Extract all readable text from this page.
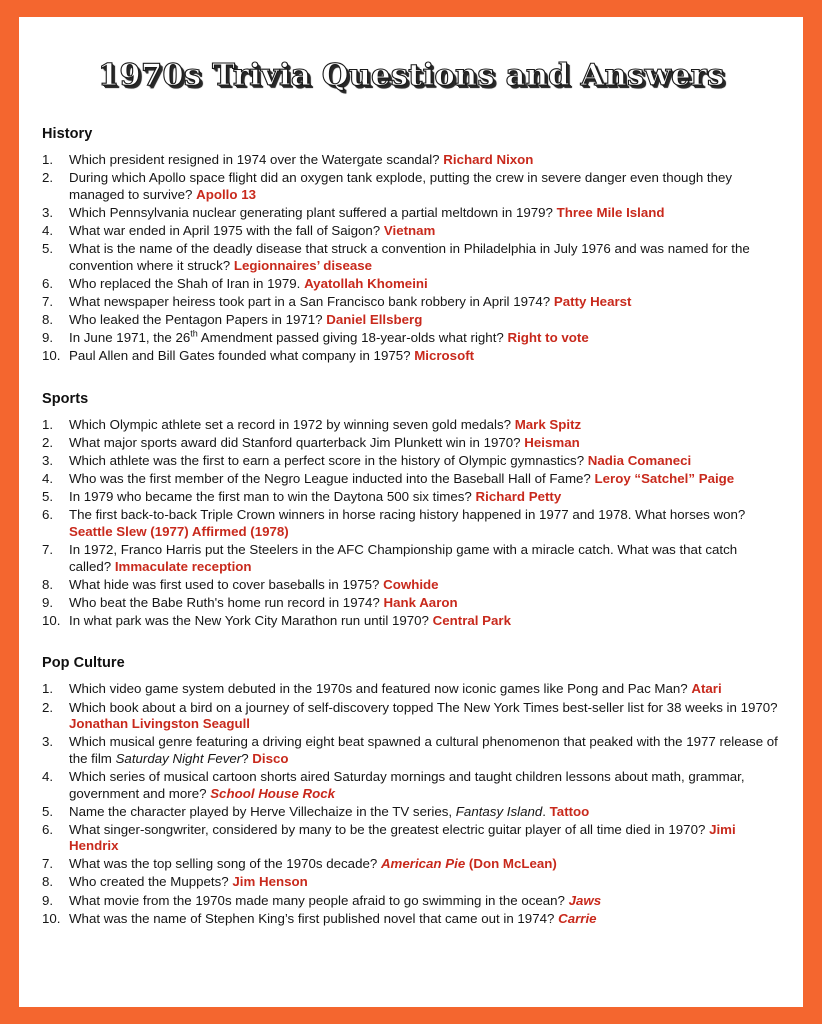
1970s Trivia Questions and Answers
History
Which president resigned in 1974 over the Watergate scandal? Richard Nixon
During which Apollo space flight did an oxygen tank explode, putting the crew in severe danger even though they managed to survive? Apollo 13
Which Pennsylvania nuclear generating plant suffered a partial meltdown in 1979? Three Mile Island
What war ended in April 1975 with the fall of Saigon? Vietnam
What is the name of the deadly disease that struck a convention in Philadelphia in July 1976 and was named for the convention where it struck? Legionnaires’ disease
Who replaced the Shah of Iran in 1979. Ayatollah Khomeini
What newspaper heiress took part in a San Francisco bank robbery in April 1974? Patty Hearst
Who leaked the Pentagon Papers in 1971? Daniel Ellsberg
In June 1971, the 26th Amendment passed giving 18-year-olds what right? Right to vote
Paul Allen and Bill Gates founded what company in 1975? Microsoft
Sports
Which Olympic athlete set a record in 1972 by winning seven gold medals? Mark Spitz
What major sports award did Stanford quarterback Jim Plunkett win in 1970? Heisman
Which athlete was the first to earn a perfect score in the history of Olympic gymnastics? Nadia Comaneci
Who was the first member of the Negro League inducted into the Baseball Hall of Fame? Leroy “Satchel” Paige
In 1979 who became the first man to win the Daytona 500 six times? Richard Petty
The first back-to-back Triple Crown winners in horse racing history happened in 1977 and 1978. What horses won? Seattle Slew (1977) Affirmed (1978)
In 1972, Franco Harris put the Steelers in the AFC Championship game with a miracle catch. What was that catch called? Immaculate reception
What hide was first used to cover baseballs in 1975? Cowhide
Who beat the Babe Ruth's home run record in 1974? Hank Aaron
In what park was the New York City Marathon run until 1970? Central Park
Pop Culture
Which video game system debuted in the 1970s and featured now iconic games like Pong and Pac Man? Atari
Which book about a bird on a journey of self-discovery topped The New York Times best-seller list for 38 weeks in 1970? Jonathan Livingston Seagull
Which musical genre featuring a driving eight beat spawned a cultural phenomenon that peaked with the 1977 release of the film Saturday Night Fever? Disco
Which series of musical cartoon shorts aired Saturday mornings and taught children lessons about math, grammar, government and more? School House Rock
Name the character played by Herve Villechaize in the TV series, Fantasy Island. Tattoo
What singer-songwriter, considered by many to be the greatest electric guitar player of all time died in 1970? Jimi Hendrix
What was the top selling song of the 1970s decade? American Pie (Don McLean)
Who created the Muppets? Jim Henson
What movie from the 1970s made many people afraid to go swimming in the ocean? Jaws
What was the name of Stephen King’s first published novel that came out in 1974? Carrie
